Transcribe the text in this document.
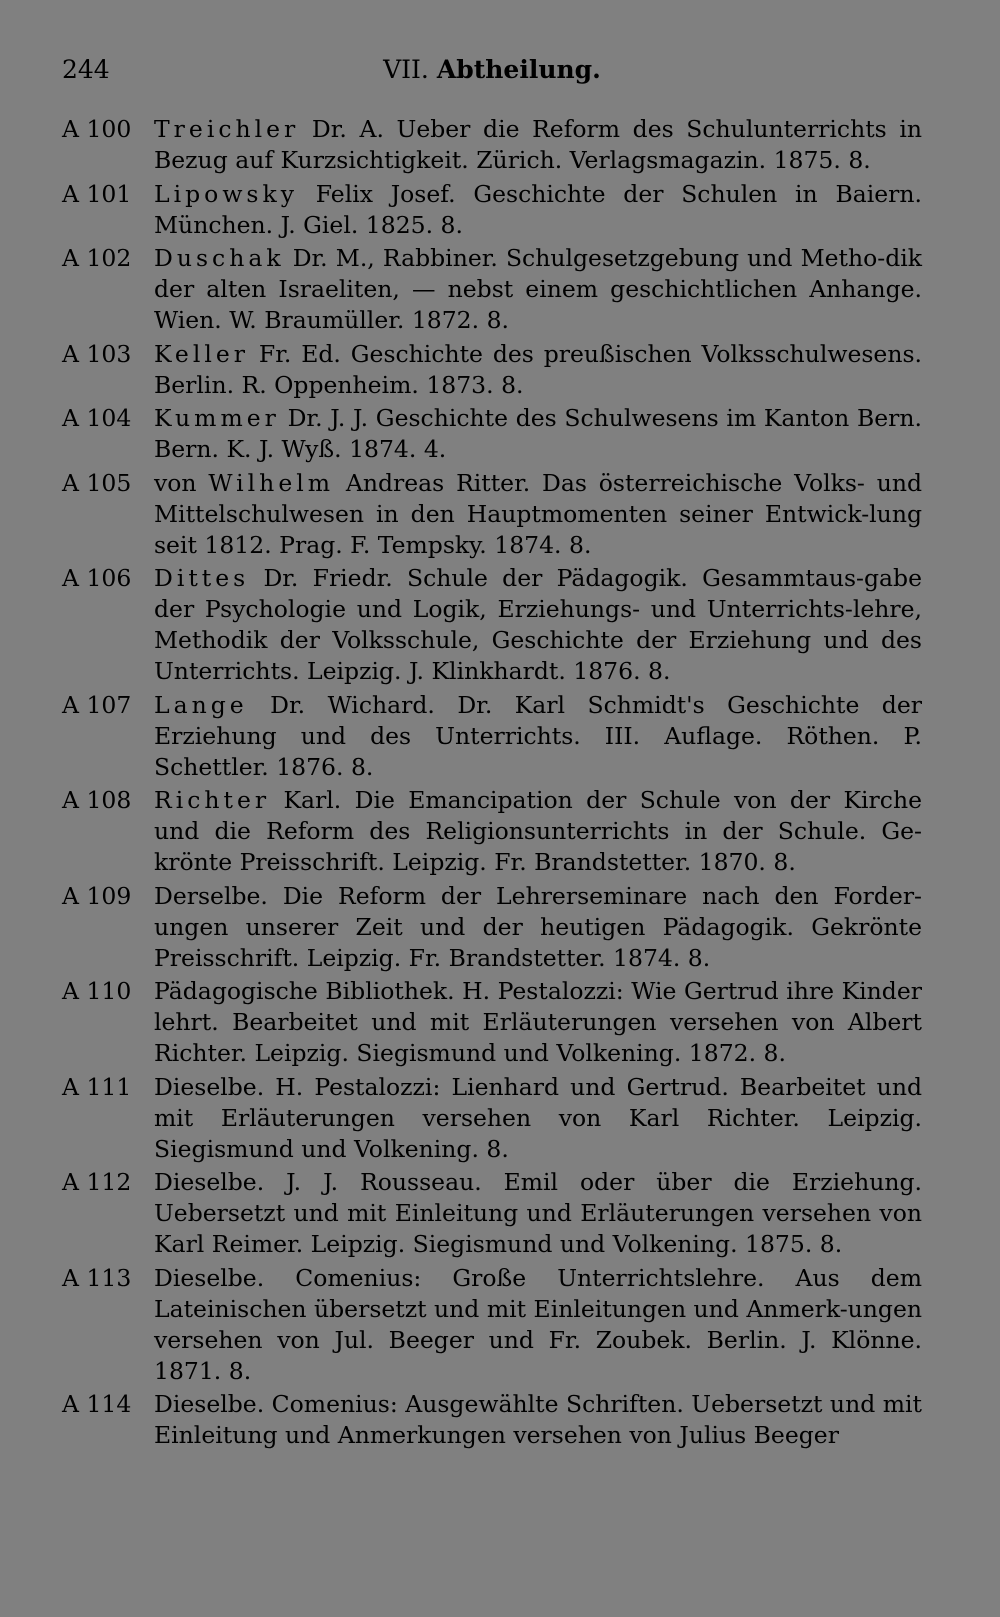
244	VII. Abtheilung.
A 100 Treichler Dr. A. Ueber die Reform des Schulunterrichts in Bezug auf Kurzsichtigkeit. Zürich. Verlagsmagazin. 1875. 8.
A 101 Lipowsky Felix Josef. Geschichte der Schulen in Baiern. München. J. Giel. 1825. 8.
A 102 Duschak Dr. M., Rabbiner. Schulgesetzgebung und Metho-dik der alten Israeliten, — nebst einem geschichtlichen Anhange. Wien. W. Braumüller. 1872. 8.
A 103 Keller Fr. Ed. Geschichte des preußischen Volksschulwesens. Berlin. R. Oppenheim. 1873. 8.
A 104 Kummer Dr. J. J. Geschichte des Schulwesens im Kanton Bern. Bern. K. J. Wyß. 1874. 4.
A 105 von Wilhelm Andreas Ritter. Das österreichische Volks- und Mittelschulwesen in den Hauptmomenten seiner Entwick-lung seit 1812. Prag. F. Tempsky. 1874. 8.
A 106 Dittes Dr. Friedr. Schule der Pädagogik. Gesammtaus-gabe der Psychologie und Logik, Erziehungs- und Unterrichts-lehre, Methodik der Volksschule, Geschichte der Erziehung und des Unterrichts. Leipzig. J. Klinkhardt. 1876. 8.
A 107 Lange Dr. Wichard. Dr. Karl Schmidt's Geschichte der Erziehung und des Unterrichts. III. Auflage. Röthen. P. Schettler. 1876. 8.
A 108 Richter Karl. Die Emancipation der Schule von der Kirche und die Reform des Religionsunterrichts in der Schule. Ge-krönte Preisschrift. Leipzig. Fr. Brandstetter. 1870. 8.
A 109 Derselbe. Die Reform der Lehrerseminare nach den Forder-ungen unserer Zeit und der heutigen Pädagogik. Gekrönte Preisschrift. Leipzig. Fr. Brandstetter. 1874. 8.
A 110 Pädagogische Bibliothek. H. Pestalozzi: Wie Gertrud ihre Kinder lehrt. Bearbeitet und mit Erläuterungen versehen von Albert Richter. Leipzig. Siegismund und Volkening. 1872. 8.
A 111 Dieselbe. H. Pestalozzi: Lienhard und Gertrud. Bearbeitet und mit Erläuterungen versehen von Karl Richter. Leipzig. Siegismund und Volkening. 8.
A 112 Dieselbe. J. J. Rousseau. Emil oder über die Erziehung. Uebersetzt und mit Einleitung und Erläuterungen versehen von Karl Reimer. Leipzig. Siegismund und Volkening. 1875. 8.
A 113 Dieselbe. Comenius: Große Unterrichtslehre. Aus dem Lateinischen übersetzt und mit Einleitungen und Anmerk-ungen versehen von Jul. Beeger und Fr. Zoubek. Berlin. J. Klönne. 1871. 8.
A 114 Dieselbe. Comenius: Ausgewählte Schriften. Uebersetzt und mit Einleitung und Anmerkungen versehen von Julius Beeger
